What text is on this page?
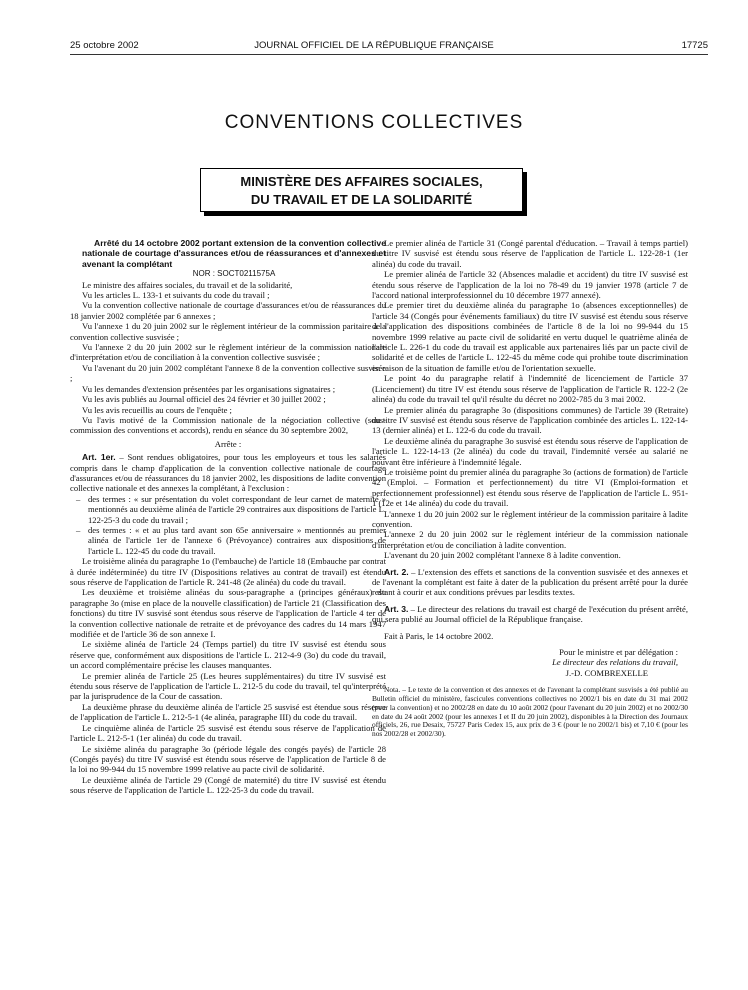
25 octobre 2002	JOURNAL OFFICIEL DE LA RÉPUBLIQUE FRANÇAISE	17725
CONVENTIONS COLLECTIVES
MINISTÈRE DES AFFAIRES SOCIALES,
DU TRAVAIL ET DE LA SOLIDARITÉ

Arrêté du 14 octobre 2002 portant extension de la convention collective nationale de courtage d'assurances et/ou de réassurances et d'annexes et avenant la complétant

NOR : SOCT0211575A

Le ministre des affaires sociales, du travail et de la solidarité,

Vu les articles L. 133-1 et suivants du code du travail ;

Vu la convention collective nationale de courtage d'assurances et/ou de réassurances du 18 janvier 2002 complétée par 6 annexes ;

Vu l'annexe 1 du 20 juin 2002 sur le règlement intérieur de la commission paritaire à la convention collective susvisée ;

Vu l'annexe 2 du 20 juin 2002 sur le règlement intérieur de la commission nationale d'interprétation et/ou de conciliation à la convention collective susvisée ;

Vu l'avenant du 20 juin 2002 complétant l'annexe 8 de la convention collective susvisée ;

Vu les demandes d'extension présentées par les organisations signataires ;

Vu les avis publiés au Journal officiel des 24 février et 30 juillet 2002 ;

Vu les avis recueillis au cours de l'enquête ;

Vu l'avis motivé de la Commission nationale de la négociation collective (sous-commission des conventions et accords), rendu en séance du 30 septembre 2002,

Arrête :

Art. 1er. – Sont rendues obligatoires, pour tous les employeurs et tous les salariés compris dans le champ d'application de la convention collective nationale de courtage d'assurances et/ou de réassurances du 18 janvier 2002, les dispositions de ladite convention collective nationale et des annexes la complétant, à l'exclusion :

– des termes : « sur présentation du volet correspondant de leur carnet de maternité » mentionnés au deuxième alinéa de l'article 29 contraires aux dispositions de l'article L. 122-25-3 du code du travail ;

– des termes : « et au plus tard avant son 65e anniversaire » mentionnés au premier alinéa de l'article 1er de l'annexe 6 (Prévoyance) contraires aux dispositions de l'article L. 122-45 du code du travail.

Le troisième alinéa du paragraphe 1o (l'embauche) de l'article 18 (Embauche par contrat à durée indéterminée) du titre IV (Dispositions relatives au contrat de travail) est étendu sous réserve de l'application de l'article R. 241-48 (2e alinéa) du code du travail.

Les deuxième et troisième alinéas du sous-paragraphe a (principes généraux) du paragraphe 3o (mise en place de la nouvelle classification) de l'article 21 (Classification des fonctions) du titre IV susvisé sont étendus sous réserve de l'application de l'article 4 ter de la convention collective nationale de retraite et de prévoyance des cadres du 14 mars 1947 modifiée et de l'article 36 de son annexe I.

Le sixième alinéa de l'article 24 (Temps partiel) du titre IV susvisé est étendu sous réserve que, conformément aux dispositions de l'article L. 212-4-9 (3o) du code du travail, un accord complémentaire précise les clauses manquantes.

Le premier alinéa de l'article 25 (Les heures supplémentaires) du titre IV susvisé est étendu sous réserve de l'application de l'article L. 212-5 du code du travail, tel qu'interprété par la jurisprudence de la Cour de cassation.

La deuxième phrase du deuxième alinéa de l'article 25 susvisé est étendue sous réserve de l'application de l'article L. 212-5-1 (4e alinéa, paragraphe III) du code du travail.

Le cinquième alinéa de l'article 25 susvisé est étendu sous réserve de l'application de l'article L. 212-5-1 (1er alinéa) du code du travail.

Le sixième alinéa du paragraphe 3o (période légale des congés payés) de l'article 28 (Congés payés) du titre IV susvisé est étendu sous réserve de l'application de l'article 8 de la loi no 99-944 du 15 novembre 1999 relative au pacte civil de solidarité.

Le deuxième alinéa de l'article 29 (Congé de maternité) du titre IV susvisé est étendu sous réserve de l'application de l'article L. 122-25-3 du code du travail.

Le premier alinéa de l'article 31 (Congé parental d'éducation. – Travail à temps partiel) du titre IV susvisé est étendu sous réserve de l'application de l'article L. 122-28-1 (1er alinéa) du code du travail.

Le premier alinéa de l'article 32 (Absences maladie et accident) du titre IV susvisé est étendu sous réserve de l'application de la loi no 78-49 du 19 janvier 1978 (article 7 de l'accord national interprofessionnel du 10 décembre 1977 annexé).

Le premier tiret du deuxième alinéa du paragraphe 1o (absences exceptionnelles) de l'article 34 (Congés pour événements familiaux) du titre IV susvisé est étendu sous réserve de l'application des dispositions combinées de l'article 8 de la loi no 99-944 du 15 novembre 1999 relative au pacte civil de solidarité en vertu duquel le quatrième alinéa de l'article L. 226-1 du code du travail est applicable aux partenaires liés par un pacte civil de solidarité et de celles de l'article L. 122-45 du même code qui prohibe toute discrimination en raison de la situation de famille et/ou de l'orientation sexuelle.

Le point 4o du paragraphe relatif à l'indemnité de licenciement de l'article 37 (Licenciement) du titre IV est étendu sous réserve de l'application de l'article R. 122-2 (2e alinéa) du code du travail tel qu'il résulte du décret no 2002-785 du 3 mai 2002.

Le premier alinéa du paragraphe 3o (dispositions communes) de l'article 39 (Retraite) du titre IV susvisé est étendu sous réserve de l'application combinée des articles L. 122-14-13 (dernier alinéa) et L. 122-6 du code du travail.

Le deuxième alinéa du paragraphe 3o susvisé est étendu sous réserve de l'application de l'article L. 122-14-13 (2e alinéa) du code du travail, l'indemnité versée au salarié ne pouvant être inférieure à l'indemnité légale.

Le troisième point du premier alinéa du paragraphe 3o (actions de formation) de l'article 42 (Emploi. – Formation et perfectionnement) du titre VI (Emploi-formation et perfectionnement professionnel) est étendu sous réserve de l'application de l'article L. 951-1 (12e et 14e alinéa) du code du travail.

L'annexe 1 du 20 juin 2002 sur le règlement intérieur de la commission paritaire à ladite convention.

L'annexe 2 du 20 juin 2002 sur le règlement intérieur de la commission nationale d'interprétation et/ou de conciliation à ladite convention.

L'avenant du 20 juin 2002 complétant l'annexe 8 à ladite convention.

Art. 2. – L'extension des effets et sanctions de la convention susvisée et des annexes et de l'avenant la complétant est faite à dater de la publication du présent arrêté pour la durée restant à courir et aux conditions prévues par lesdits textes.

Art. 3. – Le directeur des relations du travail est chargé de l'exécution du présent arrêté, qui sera publié au Journal officiel de la République française.

Fait à Paris, le 14 octobre 2002.

Pour le ministre et par délégation :

Le directeur des relations du travail,

J.-D. COMBREXELLE

Nota. – Le texte de la convention et des annexes et de l'avenant la complétant susvisés a été publié au Bulletin officiel du ministère, fascicules conventions collectives no 2002/1 bis en date du 31 mai 2002 (pour la convention) et no 2002/28 en date du 10 août 2002 (pour l'avenant du 20 juin 2002) et no 2002/30 en date du 24 août 2002 (pour les annexes I et II du 20 juin 2002), disponibles à la Direction des Journaux officiels, 26, rue Desaix, 75727 Paris Cedex 15, aux prix de 3 € (pour le no 2002/1 bis) et 7,10 € (pour les nos 2002/28 et 2002/30).
